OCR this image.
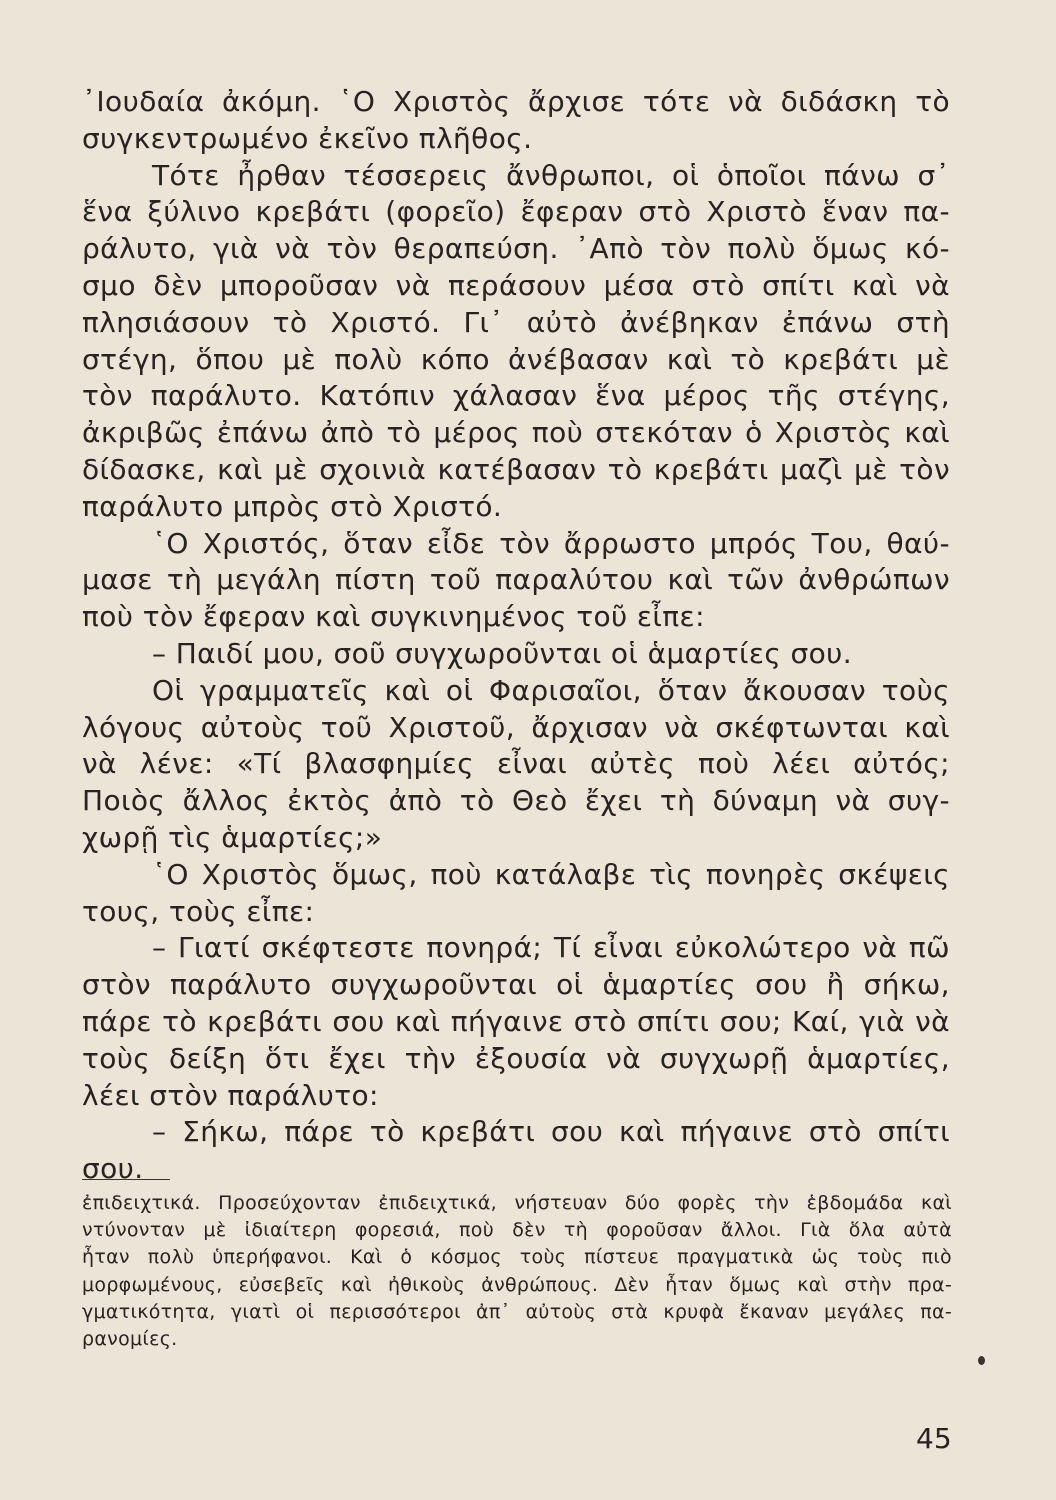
᾿Ιουδαία ἀκόμη. ῾Ο Χριστὸς ἄρχισε τότε νὰ διδάσκη τὸ
συγκεντρωμένο ἐκεῖνο πλῆθος.
Τότε ἦρθαν τέσσερεις ἄνθρωποι, οἱ ὁποῖοι πάνω σ᾿
ἕνα ξύλινο κρεβάτι (φορεῖο) ἔφεραν στὸ Χριστὸ ἕναν πα-
ράλυτο, γιὰ νὰ τὸν θεραπεύση. ᾿Απὸ τὸν πολὺ ὅμως κό-
σμο δὲν μποροῦσαν νὰ περάσουν μέσα στὸ σπίτι καὶ νὰ
πλησιάσουν τὸ Χριστό. Γι᾿ αὐτὸ ἀνέβηκαν ἐπάνω στὴ
στέγη, ὅπου μὲ πολὺ κόπο ἀνέβασαν καὶ τὸ κρεβάτι μὲ
τὸν παράλυτο. Κατόπιν χάλασαν ἕνα μέρος τῆς στέγης,
ἀκριβῶς ἐπάνω ἀπὸ τὸ μέρος ποὺ στεκόταν ὁ Χριστὸς καὶ
δίδασκε, καὶ μὲ σχοινιὰ κατέβασαν τὸ κρεβάτι μαζὶ μὲ τὸν
παράλυτο μπρὸς στὸ Χριστό.
῾Ο Χριστός, ὅταν εἶδε τὸν ἄρρωστο μπρός Του, θαύ-
μασε τὴ μεγάλη πίστη τοῦ παραλύτου καὶ τῶν ἀνθρώπων
ποὺ τὸν ἔφεραν καὶ συγκινημένος τοῦ εἶπε:
– Παιδί μου, σοῦ συγχωροῦνται οἱ ἁμαρτίες σου.
Οἱ γραμματεῖς καὶ οἱ Φαρισαῖοι, ὅταν ἄκουσαν τοὺς
λόγους αὐτοὺς τοῦ Χριστοῦ, ἄρχισαν νὰ σκέφτωνται καὶ
νὰ λένε: «Τί βλασφημίες εἶναι αὐτὲς ποὺ λέει αὐτός;
Ποιὸς ἄλλος ἐκτὸς ἀπὸ τὸ Θεὸ ἔχει τὴ δύναμη νὰ συγ-
χωρῇ τὶς ἁμαρτίες;»
῾Ο Χριστὸς ὅμως, ποὺ κατάλαβε τὶς πονηρὲς σκέψεις
τους, τοὺς εἶπε:
– Γιατί σκέφτεστε πονηρά; Τί εἶναι εὐκολώτερο νὰ πῶ
στὸν παράλυτο συγχωροῦνται οἱ ἁμαρτίες σου ἢ σήκω,
πάρε τὸ κρεβάτι σου καὶ πήγαινε στὸ σπίτι σου; Καί, γιὰ νὰ
τοὺς δείξη ὅτι ἔχει τὴν ἐξουσία νὰ συγχωρῇ ἁμαρτίες,
λέει στὸν παράλυτο:
– Σήκω, πάρε τὸ κρεβάτι σου καὶ πήγαινε στὸ σπίτι
σου.
ἐπιδειχτικά. Προσεύχονταν ἐπιδειχτικά, νήστευαν δύο φορὲς τὴν ἑβδομάδα καὶ
ντύνονταν μὲ ἰδιαίτερη φορεσιά, ποὺ δὲν τὴ φοροῦσαν ἄλλοι. Γιὰ ὅλα αὐτὰ
ἦταν πολὺ ὑπερήφανοι. Καὶ ὁ κόσμος τοὺς πίστευε πραγματικὰ ὡς τοὺς πιὸ
μορφωμένους, εὐσεβεῖς καὶ ἠθικοὺς ἀνθρώπους. Δὲν ἦταν ὅμως καὶ στὴν πρα-
γματικότητα, γιατὶ οἱ περισσότεροι ἀπ᾿ αὐτοὺς στὰ κρυφὰ ἔκαναν μεγάλες πα-
ρανομίες.
45
